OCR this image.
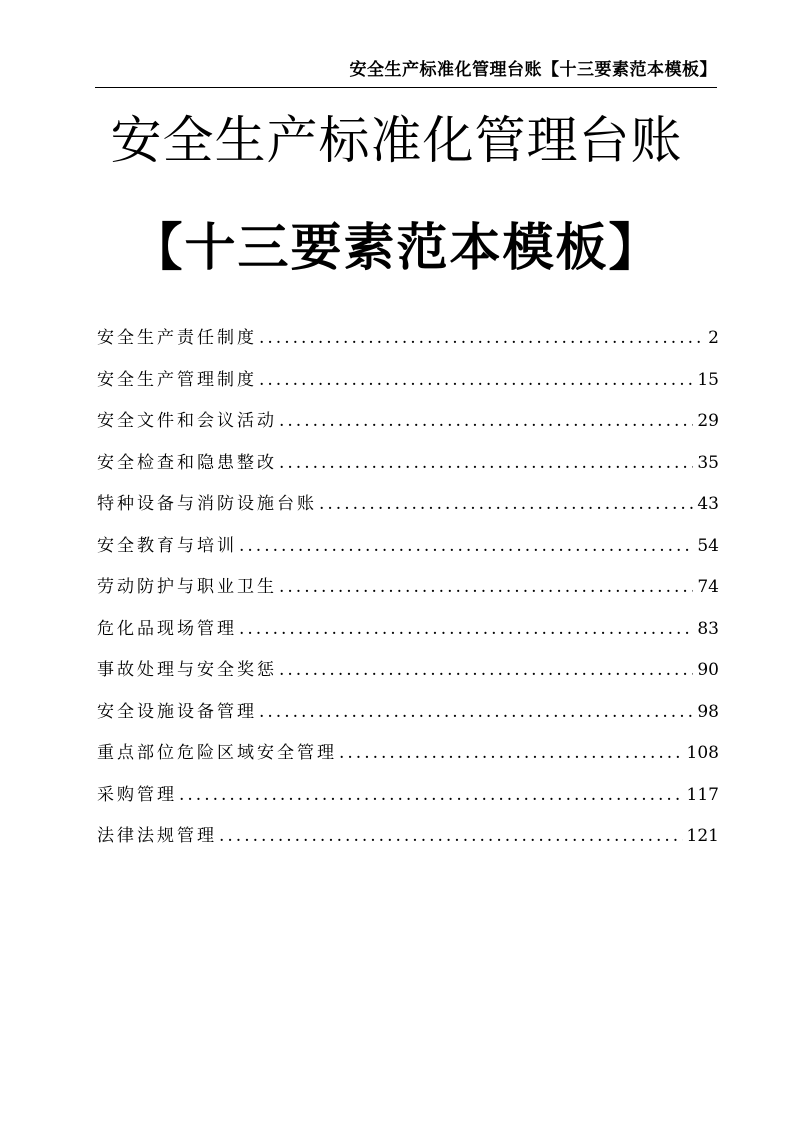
安全生产标准化管理台账【十三要素范本模板】
安全生产标准化管理台账
【十三要素范本模板】
安全生产责任制度 .....	2
安全生产管理制度 .....	15
安全文件和会议活动 .....	29
安全检查和隐患整改 .....	35
特种设备与消防设施台账 .....	43
安全教育与培训 .....	54
劳动防护与职业卫生 .....	74
危化品现场管理 .....	83
事故处理与安全奖惩 .....	90
安全设施设备管理 .....	98
重点部位危险区域安全管理 .....	108
采购管理 .....	117
法律法规管理 .....	121
